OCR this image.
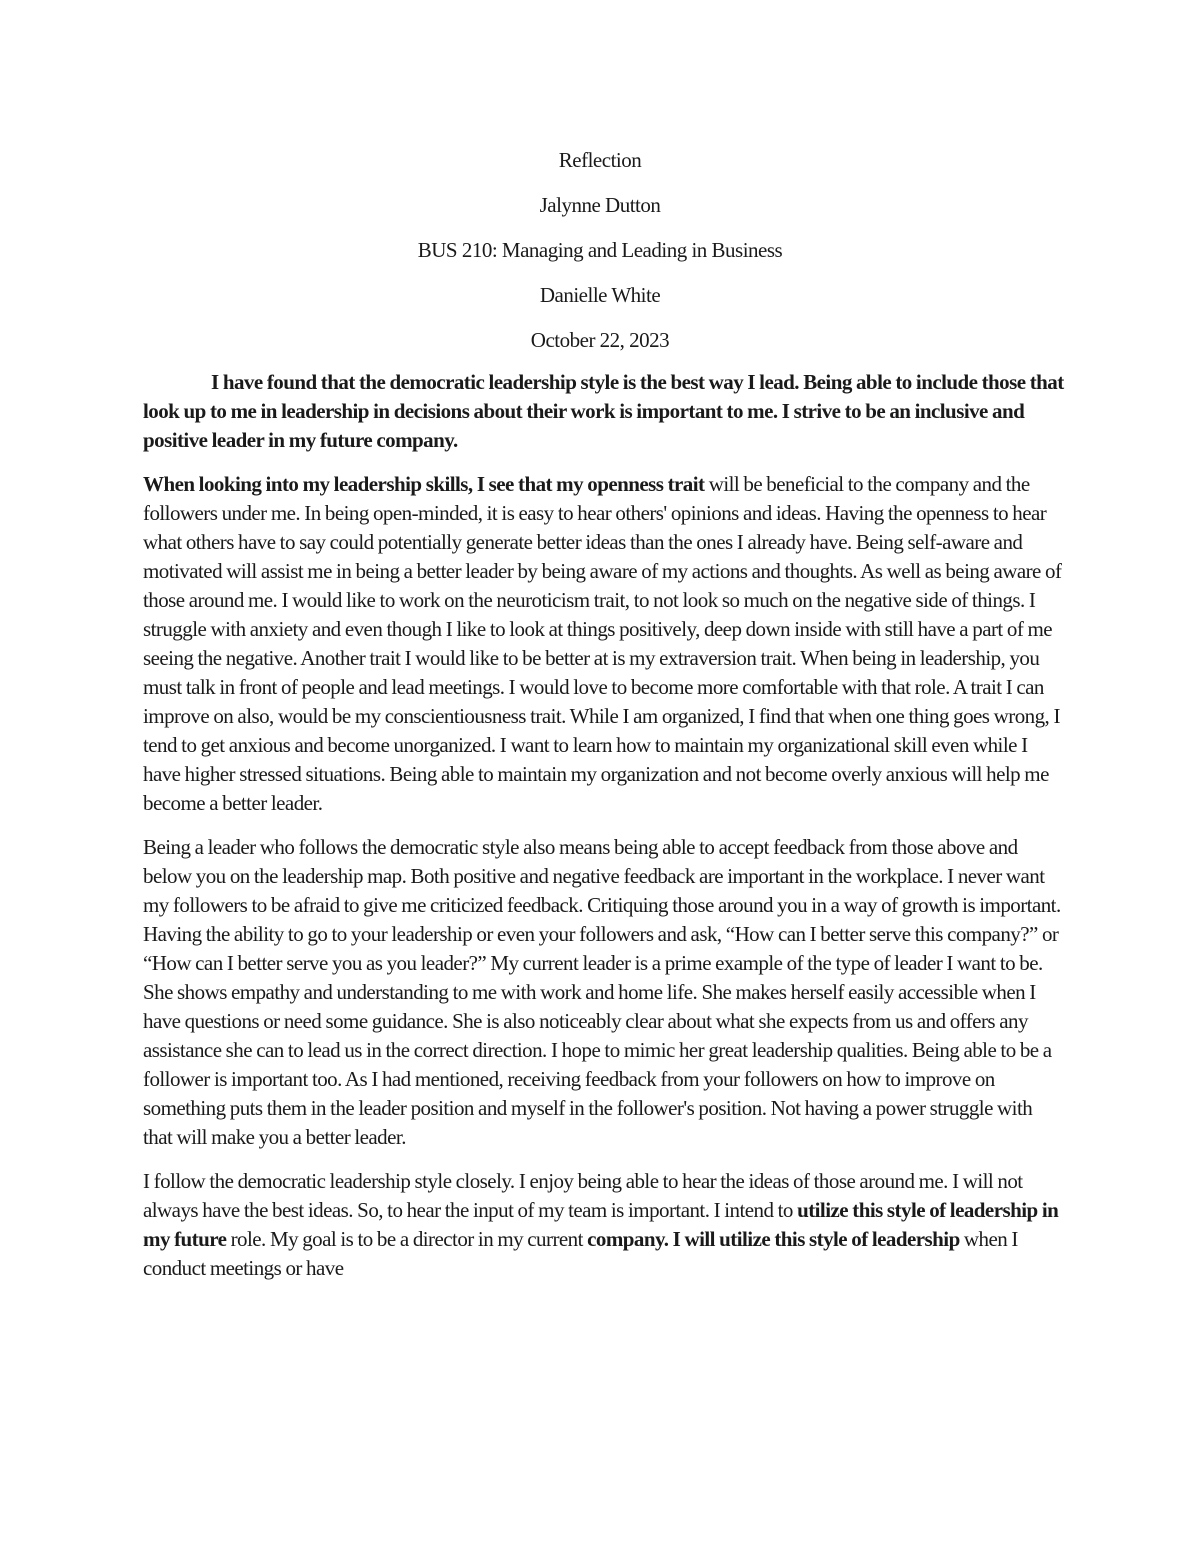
Reflection
Jalynne Dutton
BUS 210: Managing and Leading in Business
Danielle White
October 22, 2023

I have found that the democratic leadership style is the best way I lead. Being able to include those that look up to me in leadership in decisions about their work is important to me. I strive to be an inclusive and positive leader in my future company.

When looking into my leadership skills, I see that my openness trait will be beneficial to the company and the followers under me. In being open-minded, it is easy to hear others' opinions and ideas. Having the openness to hear what others have to say could potentially generate better ideas than the ones I already have. Being self-aware and motivated will assist me in being a better leader by being aware of my actions and thoughts. As well as being aware of those around me. I would like to work on the neuroticism trait, to not look so much on the negative side of things. I struggle with anxiety and even though I like to look at things positively, deep down inside with still have a part of me seeing the negative. Another trait I would like to be better at is my extraversion trait. When being in leadership, you must talk in front of people and lead meetings. I would love to become more comfortable with that role. A trait I can improve on also, would be my conscientiousness trait. While I am organized, I find that when one thing goes wrong, I tend to get anxious and become unorganized. I want to learn how to maintain my organizational skill even while I have higher stressed situations. Being able to maintain my organization and not become overly anxious will help me become a better leader.

Being a leader who follows the democratic style also means being able to accept feedback from those above and below you on the leadership map. Both positive and negative feedback are important in the workplace. I never want my followers to be afraid to give me criticized feedback. Critiquing those around you in a way of growth is important. Having the ability to go to your leadership or even your followers and ask, “How can I better serve this company?” or “How can I better serve you as you leader?” My current leader is a prime example of the type of leader I want to be. She shows empathy and understanding to me with work and home life. She makes herself easily accessible when I have questions or need some guidance. She is also noticeably clear about what she expects from us and offers any assistance she can to lead us in the correct direction. I hope to mimic her great leadership qualities. Being able to be a follower is important too. As I had mentioned, receiving feedback from your followers on how to improve on something puts them in the leader position and myself in the follower's position. Not having a power struggle with that will make you a better leader.

I follow the democratic leadership style closely. I enjoy being able to hear the ideas of those around me. I will not always have the best ideas. So, to hear the input of my team is important. I intend to utilize this style of leadership in my future role. My goal is to be a director in my current company. I will utilize this style of leadership when I conduct meetings or have
